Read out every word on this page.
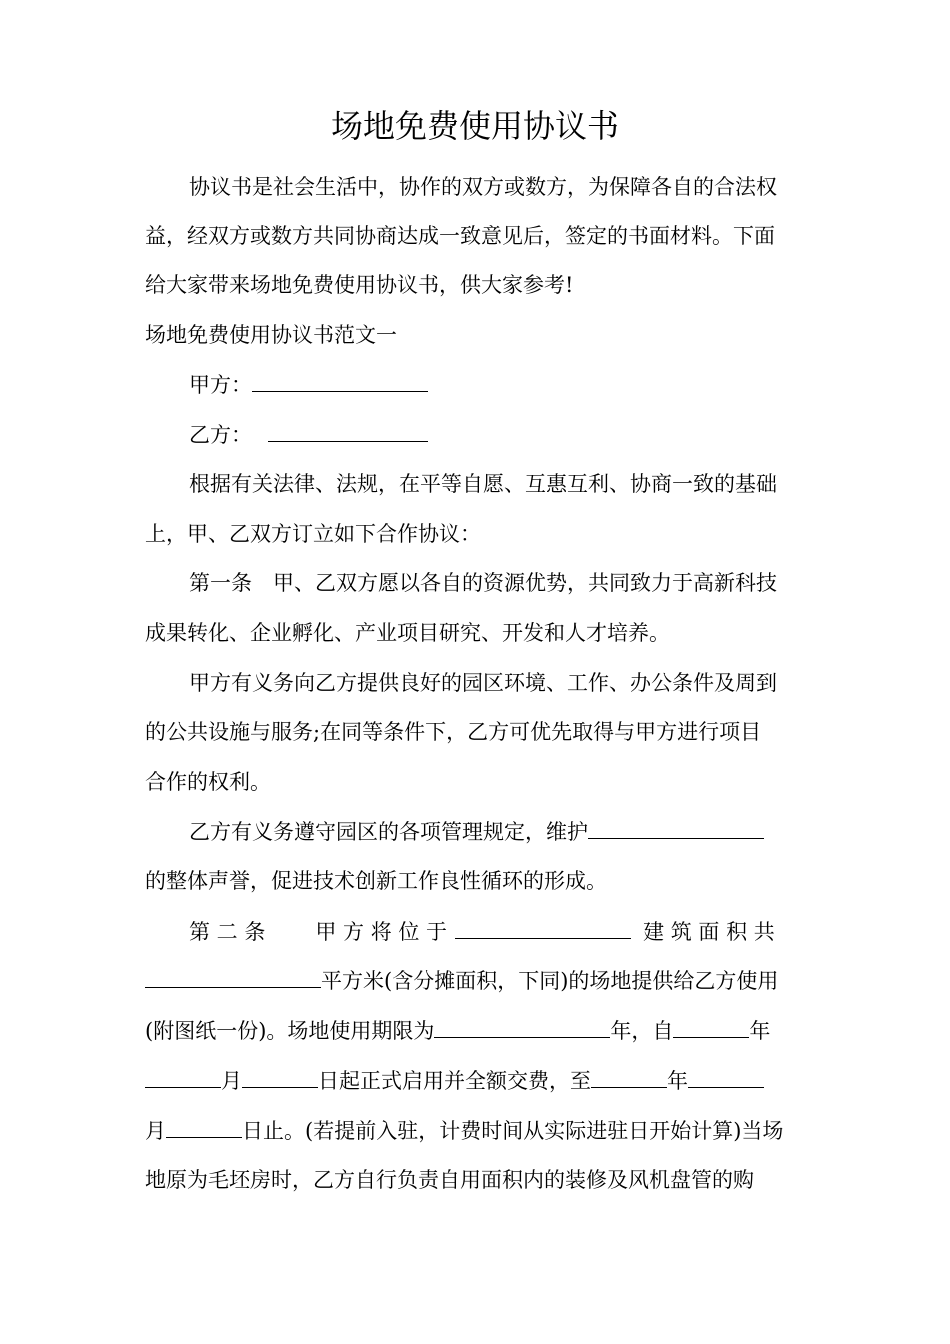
场地免费使用协议书
协议书是社会生活中，协作的双方或数方，为保障各自的合法权
益，经双方或数方共同协商达成一致意见后，签定的书面材料。下面
给大家带来场地免费使用协议书，供大家参考!
场地免费使用协议书范文一
甲方：
乙方：
根据有关法律、法规，在平等自愿、互惠互利、协商一致的基础
上，甲、乙双方订立如下合作协议：
第一条　甲、乙双方愿以各自的资源优势，共同致力于高新科技
成果转化、企业孵化、产业项目研究、开发和人才培养。
甲方有义务向乙方提供良好的园区环境、工作、办公条件及周到
的公共设施与服务;在同等条件下，乙方可优先取得与甲方进行项目
合作的权利。
乙方有义务遵守园区的各项管理规定，维护
的整体声誉，促进技术创新工作良性循环的形成。
第 二 条 甲 方 将 位 于	建 筑 面 积 共
平方米(含分摊面积，下同)的场地提供给乙方使用
(附图纸一份)。场地使用期限为	年，自	年
月	日起正式启用并全额交费，至	年
月	日止。(若提前入驻，计费时间从实际进驻日开始计算)当场
地原为毛坯房时，乙方自行负责自用面积内的装修及风机盘管的购
